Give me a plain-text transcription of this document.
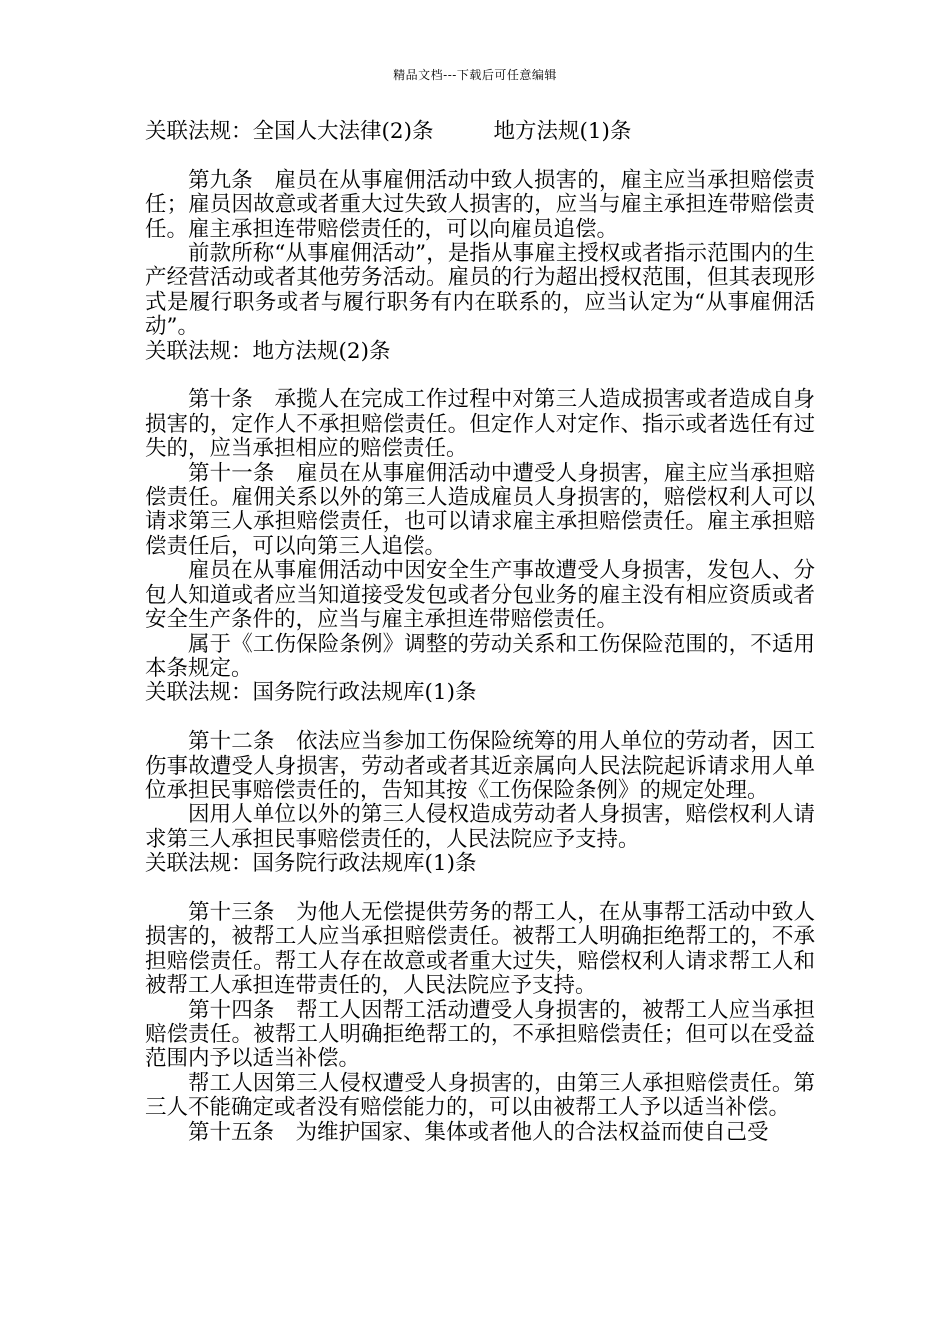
精品文档---下载后可任意编辑

关联法规：全国人大法律(2)条	地方法规(1)条

第九条　雇员在从事雇佣活动中致人损害的，雇主应当承担赔偿责任；雇员因故意或者重大过失致人损害的，应当与雇主承担连带赔偿责任。雇主承担连带赔偿责任的，可以向雇员追偿。

前款所称“从事雇佣活动”，是指从事雇主授权或者指示范围内的生产经营活动或者其他劳务活动。雇员的行为超出授权范围，但其表现形式是履行职务或者与履行职务有内在联系的，应当认定为“从事雇佣活动”。

关联法规：地方法规(2)条

第十条　承揽人在完成工作过程中对第三人造成损害或者造成自身损害的，定作人不承担赔偿责任。但定作人对定作、指示或者选任有过失的，应当承担相应的赔偿责任。

第十一条　雇员在从事雇佣活动中遭受人身损害，雇主应当承担赔偿责任。雇佣关系以外的第三人造成雇员人身损害的，赔偿权利人可以请求第三人承担赔偿责任，也可以请求雇主承担赔偿责任。雇主承担赔偿责任后，可以向第三人追偿。

雇员在从事雇佣活动中因安全生产事故遭受人身损害，发包人、分包人知道或者应当知道接受发包或者分包业务的雇主没有相应资质或者安全生产条件的，应当与雇主承担连带赔偿责任。

属于《工伤保险条例》调整的劳动关系和工伤保险范围的，不适用本条规定。

关联法规：国务院行政法规库(1)条

第十二条　依法应当参加工伤保险统筹的用人单位的劳动者，因工伤事故遭受人身损害，劳动者或者其近亲属向人民法院起诉请求用人单位承担民事赔偿责任的，告知其按《工伤保险条例》的规定处理。

因用人单位以外的第三人侵权造成劳动者人身损害，赔偿权利人请求第三人承担民事赔偿责任的，人民法院应予支持。

关联法规：国务院行政法规库(1)条

第十三条　为他人无偿提供劳务的帮工人，在从事帮工活动中致人损害的，被帮工人应当承担赔偿责任。被帮工人明确拒绝帮工的，不承担赔偿责任。帮工人存在故意或者重大过失，赔偿权利人请求帮工人和被帮工人承担连带责任的，人民法院应予支持。

第十四条　帮工人因帮工活动遭受人身损害的，被帮工人应当承担赔偿责任。被帮工人明确拒绝帮工的，不承担赔偿责任；但可以在受益范围内予以适当补偿。

帮工人因第三人侵权遭受人身损害的，由第三人承担赔偿责任。第三人不能确定或者没有赔偿能力的，可以由被帮工人予以适当补偿。

第十五条　为维护国家、集体或者他人的合法权益而使自己受
